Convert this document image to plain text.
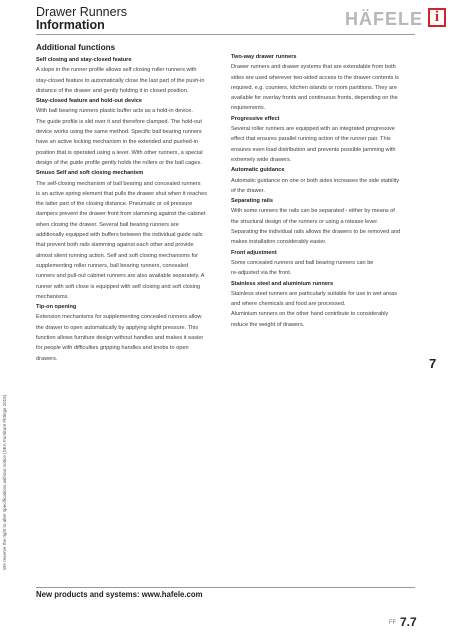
Drawer Runners
Information	HÄFELE i
Additional functions

Self closing and stay-closed feature

A slope in the runner profile allows self closing roller runners with

stay-closed feature to automatically close the last part of the push-in

distance of the drawer and gently holding it in closed position.

Stay-closed feature and hold-out device

With ball bearing runners plastic buffer acts as a hold-in device.

The guide profile is slid over it and therefore clamped. The hold-out

device works using the same method. Specific ball bearing runners

have an active locking mechanism in the extended and pushed-in

position that is operated using a lever. With other runners, a special

design of the guide profile gently holds the rollers or the ball cages.

Smuso Self and soft closing mechanism

The self-closing mechanism of ball bearing and concealed runners

is an active spring element that pulls the drawer shut when it reaches

the latter part of the closing distance. Pneumatic or oil pressure

dampers prevent the drawer front from slamming against the cabinet

when closing the drawer. Several ball bearing runners are

additionally equipped with buffers between the individual guide rails

that prevent both rails slamming against each other and provide

almost silent running action. Self and soft closing mechanisms for

supplementing roller runners, ball bearing runners, concealed

runners and pull-out cabinet runners are also available separately. A

runner with soft close is equipped with self closing and soft closing

mechanisms.

Tip-on opening

Extension mechanisms for supplementing concealed runners allow

the drawer to open automatically by applying slight pressure. This

function allows furniture design without handles and makes it easier

for people with difficulties gripping handles and knobs to open

drawers.

Two-way drawer runners

Drawer runners and drawer systems that are extendable from both

sides are used wherever two-sided access to the drawer contents is

required, e.g. counters, kitchen islands or room partitions. They are

available for overlay fronts and continuous fronts, depending on the

requirements.

Progressive effect

Several roller runners are equipped with an integrated progressive

effect that ensures parallel running action of the runner pair. This

ensures even load distribution and prevents possible jamming with

extremely wide drawers.

Automatic guidance

Automatic guidance on one or both sides increases the side stability

of the drawer.

Separating rails

With some runners the rails can be separated - either by means of

the structural design of the runners or using a release lever.

Separating the individual rails allows the drawers to be removed and

makes installation considerably easier.

Front adjustment

Some concealed runners and ball bearing runners can be

re-adjusted via the front.

Stainless steel and aluminium runners

Stainless steel runners are particularly suitable for use in wet areas

and where chemicals and food are processed.

Aluminium runners on the other hand contribute to considerably

reduce the weight of drawers.

7
We reserve the right to alter specifications without notice (SEA Furniture Fittings 2015)
New products and systems: www.hafele.com
FF 7.7
